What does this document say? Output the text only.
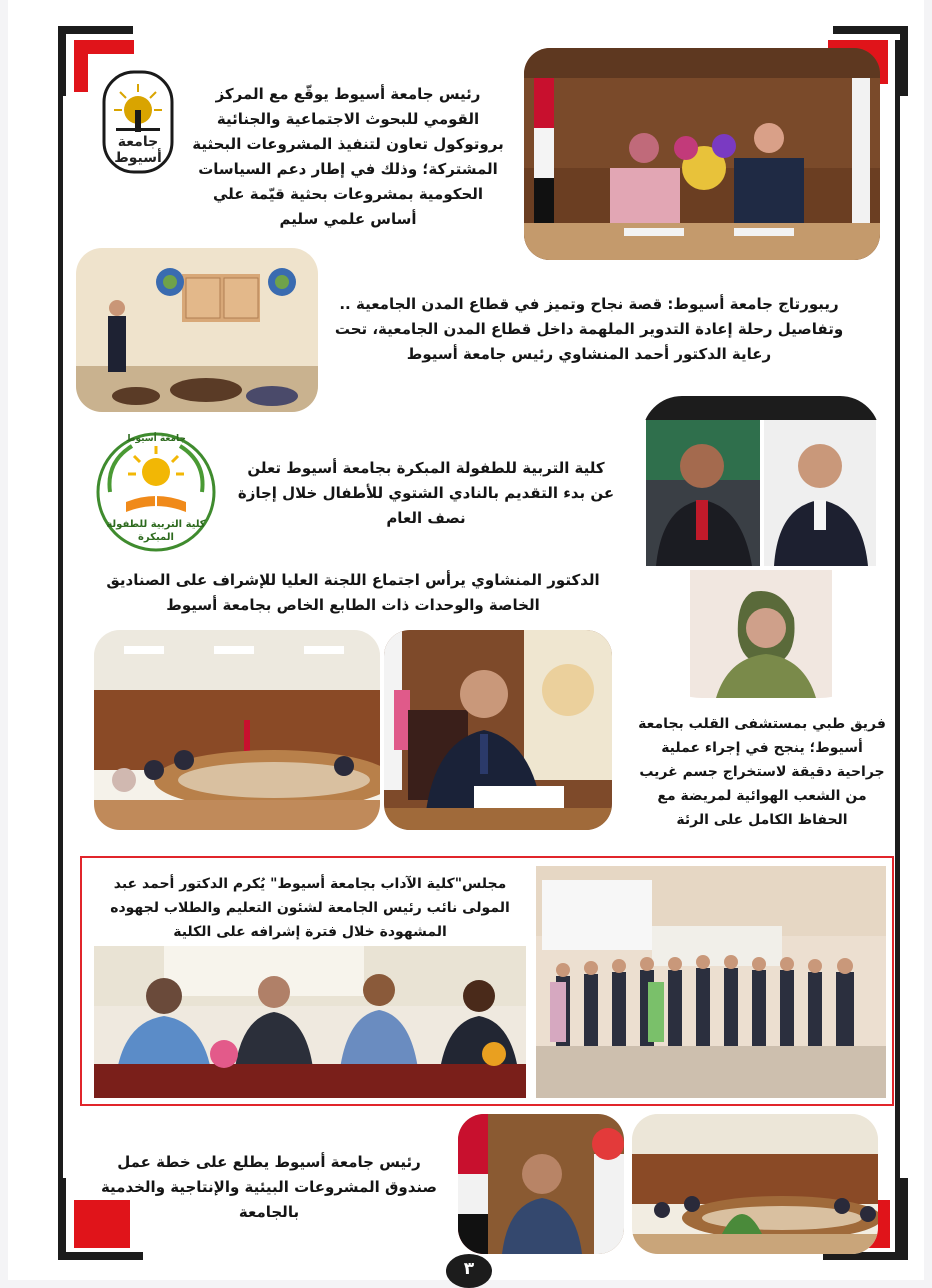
جامعة
أسيوط
رئيس جامعة أسيوط يوقّع مع المركز القومي للبحوث الاجتماعية والجنائية بروتوكول تعاون لتنفيذ المشروعات البحثية المشتركة؛ وذلك في إطار دعم السياسات الحكومية بمشروعات بحثية قيّمة علي أساس علمي سليم
ريبورتاج جامعة أسيوط: قصة نجاح وتميز في قطاع المدن الجامعية .. وتفاصيل رحلة إعادة التدوير الملهمة داخل قطاع المدن الجامعية، تحت رعاية الدكتور أحمد المنشاوي رئيس جامعة أسيوط
جامعة أسيوط
كلية التربية للطفولة المبكرة
كلية التربية للطفولة المبكرة بجامعة أسيوط تعلن عن بدء التقديم بالنادي الشتوي للأطفال خلال إجازة نصف العام
الدكتور المنشاوي يرأس اجتماع اللجنة العليا للإشراف على الصناديق الخاصة والوحدات ذات الطابع الخاص بجامعة أسيوط
فريق طبي بمستشفى القلب بجامعة أسيوط؛ ينجح في إجراء عملية جراحية دقيقة لاستخراج جسم غريب من الشعب الهوائية لمريضة مع الحفاظ الكامل على الرئة
مجلس"كلية الآداب بجامعة أسيوط" يُكرم الدكتور أحمد عبد المولى نائب رئيس الجامعة لشئون التعليم والطلاب لجهوده المشهودة خلال فترة إشرافه على الكلية
رئيس جامعة أسيوط يطلع على خطة عمل صندوق المشروعات البيئية والإنتاجية والخدمية بالجامعة
٣
